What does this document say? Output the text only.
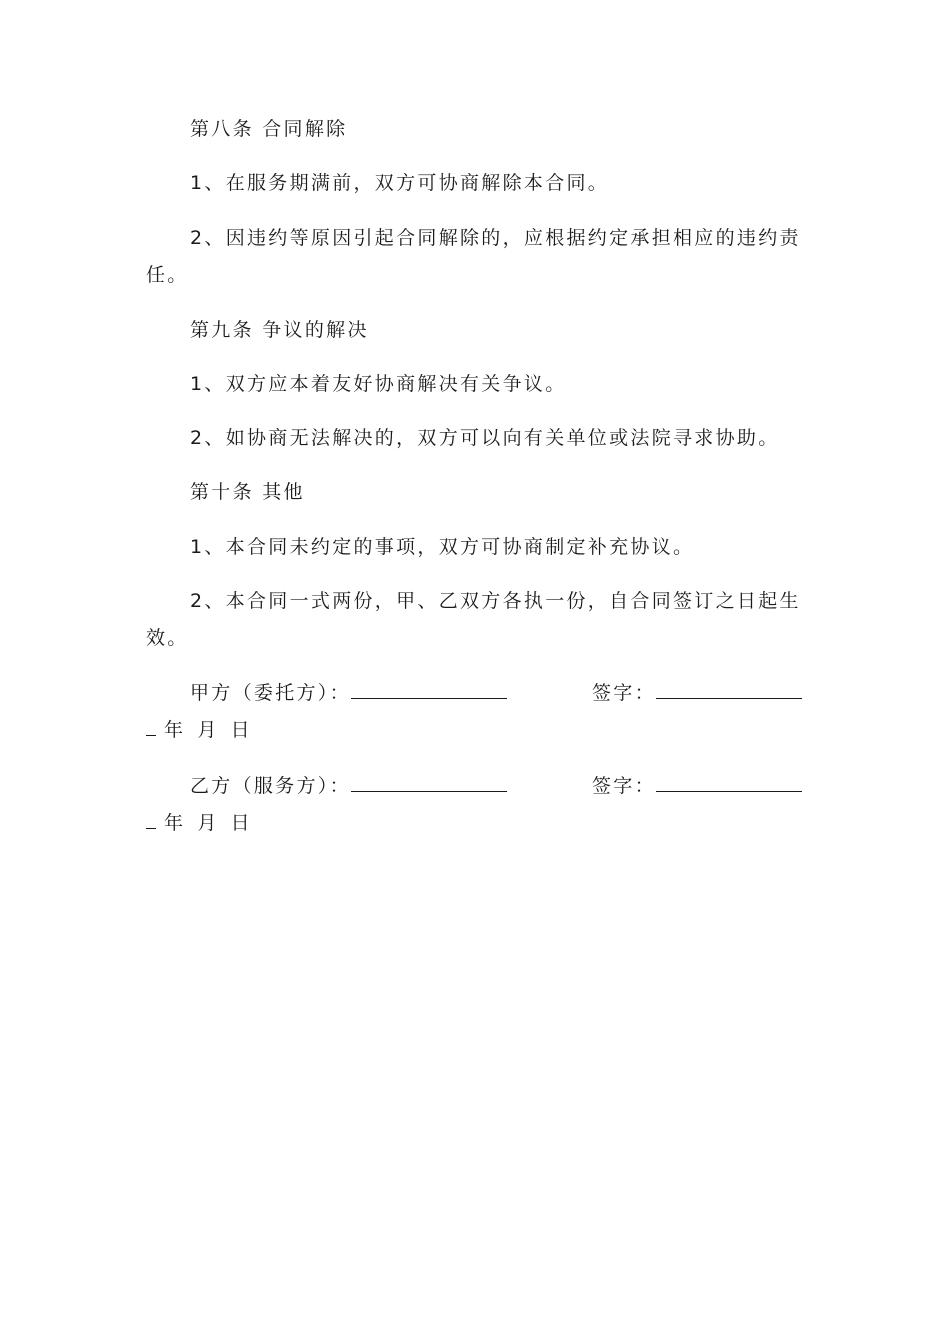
第八条 合同解除

1、在服务期满前，双方可协商解除本合同。

2、因违约等原因引起合同解除的，应根据约定承担相应的违约责任。

第九条 争议的解决

1、双方应本着友好协商解决有关争议。

2、如协商无法解决的，双方可以向有关单位或法院寻求协助。

第十条 其他

1、本合同未约定的事项，双方可协商制定补充协议。

2、本合同一式两份，甲、乙双方各执一份，自合同签订之日起生效。

甲方（委托方）：	签字：
年 月 日
乙方（服务方）：	签字：
年 月 日
